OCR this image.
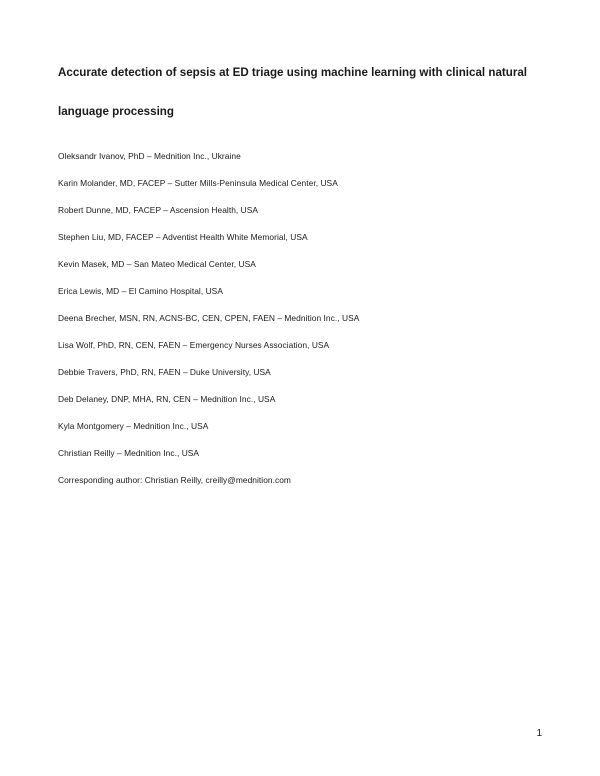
Accurate detection of sepsis at ED triage using machine learning with clinical natural

language processing

Oleksandr Ivanov, PhD – Mednition Inc., Ukraine

Karin Molander, MD, FACEP – Sutter Mills-Peninsula Medical Center, USA

Robert Dunne, MD, FACEP – Ascension Health, USA

Stephen Liu, MD, FACEP – Adventist Health White Memorial, USA

Kevin Masek, MD – San Mateo Medical Center, USA

Erica Lewis, MD – El Camino Hospital, USA

Deena Brecher, MSN, RN, ACNS-BC, CEN, CPEN, FAEN – Mednition Inc., USA

Lisa Wolf, PhD, RN, CEN, FAEN – Emergency Nurses Association, USA

Debbie Travers, PhD, RN, FAEN – Duke University, USA

Deb Delaney, DNP, MHA, RN, CEN – Mednition Inc., USA

Kyla Montgomery – Mednition Inc., USA

Christian Reilly – Mednition Inc., USA

Corresponding author: Christian Reilly, creilly@mednition.com

1
